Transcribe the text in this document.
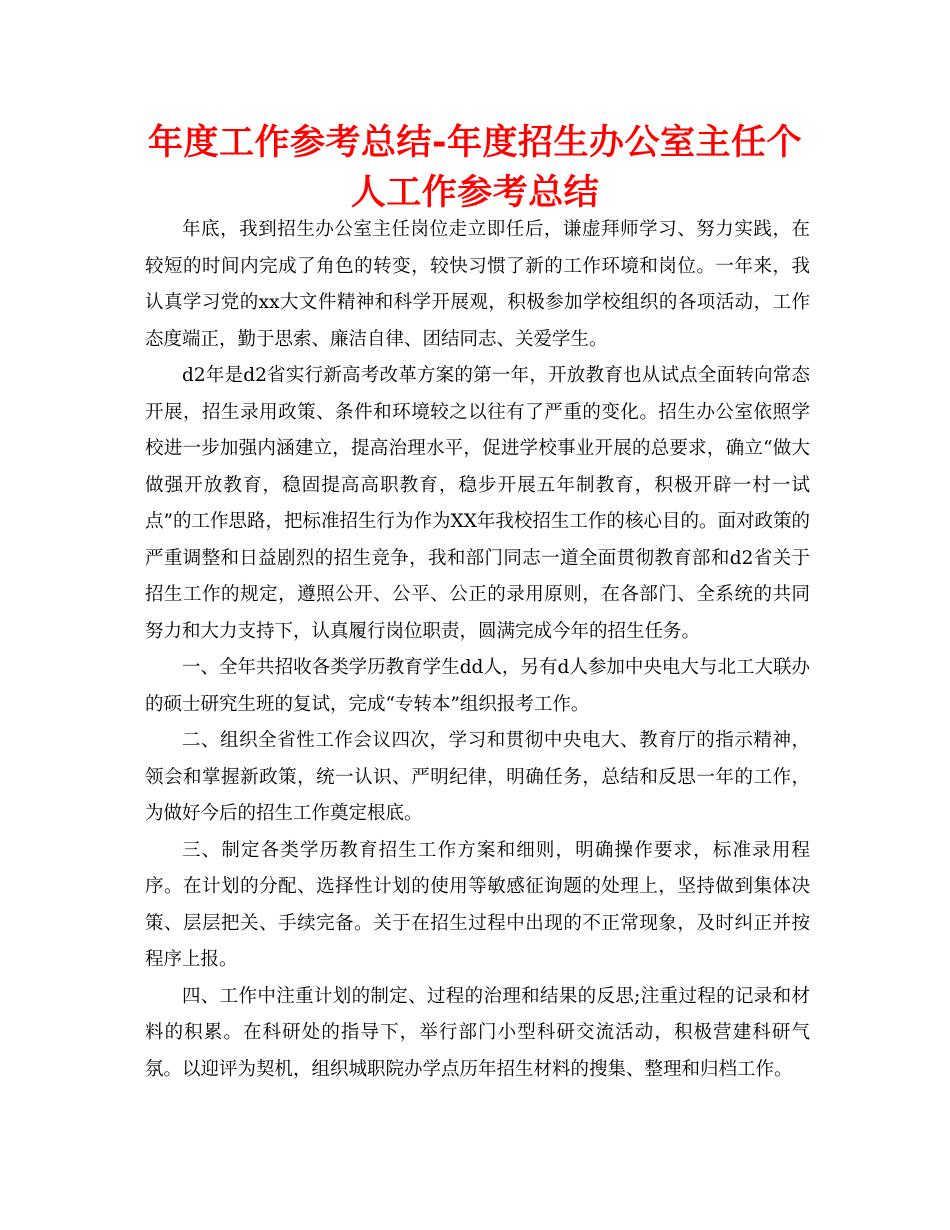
年度工作参考总结-年度招生办公室主任个人工作参考总结

年底，我到招生办公室主任岗位走立即任后，谦虚拜师学习、努力实践，在较短的时间内完成了角色的转变，较快习惯了新的工作环境和岗位。一年来，我认真学习党的xx大文件精神和科学开展观，积极参加学校组织的各项活动，工作态度端正，勤于思索、廉洁自律、团结同志、关爱学生。

d2年是d2省实行新高考改革方案的第一年，开放教育也从试点全面转向常态开展，招生录用政策、条件和环境较之以往有了严重的变化。招生办公室依照学校进一步加强内涵建立，提高治理水平，促进学校事业开展的总要求，确立“做大做强开放教育，稳固提高高职教育，稳步开展五年制教育，积极开辟一村一试点”的工作思路，把标准招生行为作为XX年我校招生工作的核心目的。面对政策的严重调整和日益剧烈的招生竞争，我和部门同志一道全面贯彻教育部和d2省关于招生工作的规定，遵照公开、公平、公正的录用原则，在各部门、全系统的共同努力和大力支持下，认真履行岗位职责，圆满完成今年的招生任务。

一、全年共招收各类学历教育学生dd人，另有d人参加中央电大与北工大联办的硕士研究生班的复试，完成“专转本”组织报考工作。

二、组织全省性工作会议四次，学习和贯彻中央电大、教育厅的指示精神，领会和掌握新政策，统一认识、严明纪律，明确任务，总结和反思一年的工作，为做好今后的招生工作奠定根底。

三、制定各类学历教育招生工作方案和细则，明确操作要求，标准录用程序。在计划的分配、选择性计划的使用等敏感征询题的处理上，坚持做到集体决策、层层把关、手续完备。关于在招生过程中出现的不正常现象，及时纠正并按程序上报。

四、工作中注重计划的制定、过程的治理和结果的反思;注重过程的记录和材料的积累。在科研处的指导下，举行部门小型科研交流活动，积极营建科研气氛。以迎评为契机，组织城职院办学点历年招生材料的搜集、整理和归档工作。
